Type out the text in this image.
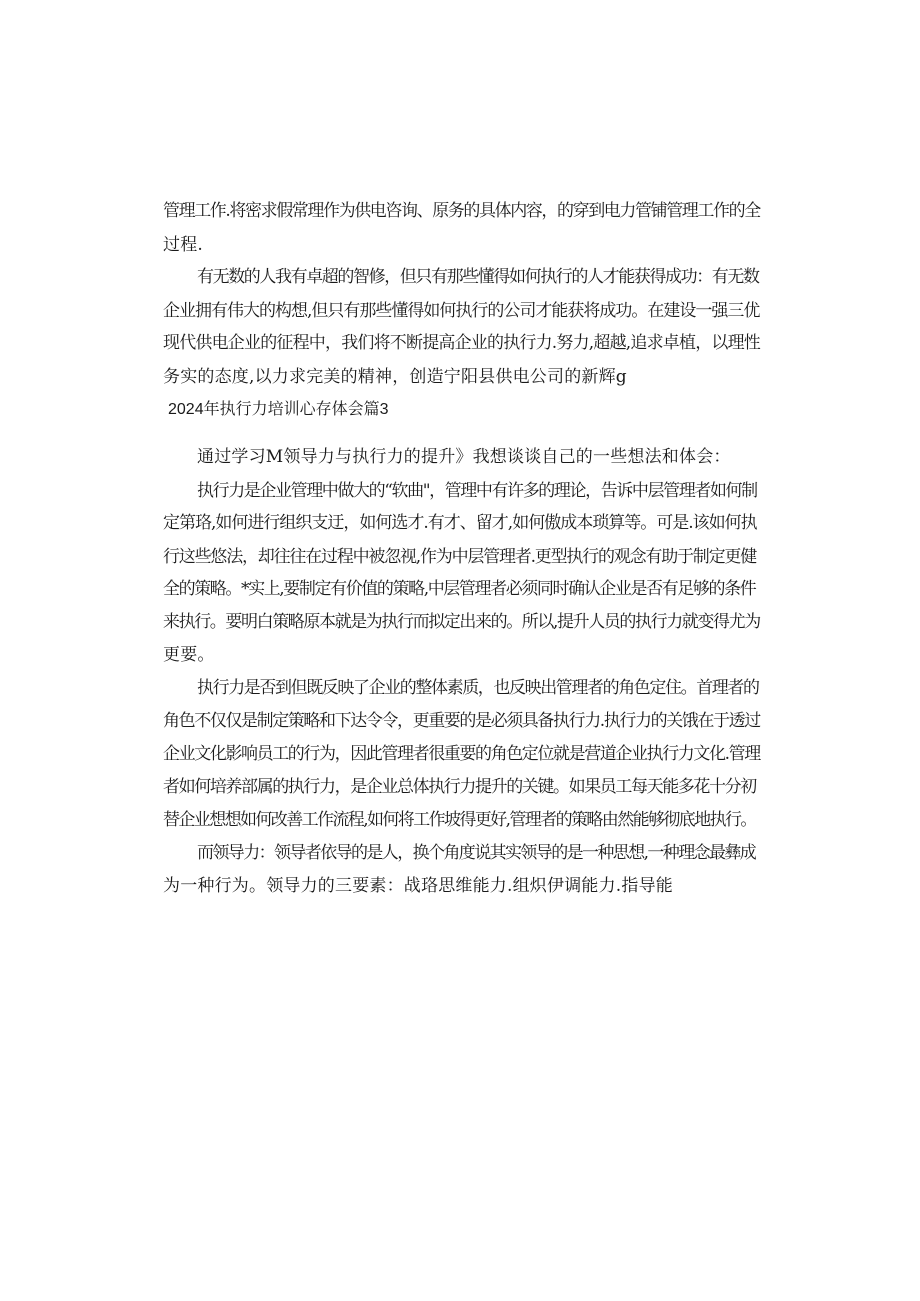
管理工作.将密求假常理作为供电咨询、原务的具体内容，的穿到电力管铺管理工作的全
过程.
有无数的人我有卓超的智修，但只有那些懂得如何执行的人才能获得成功：有无数
企业拥有伟大的构想,但只有那些懂得如何执行的公司才能获将成功。在建设一强三优
现代供电企业的征程中，我们将不断提高企业的执行力.努力,超越,追求卓植，以理性
务实的态度,以力求完美的精神，创造宁阳县供电公司的新辉g
2024年执行力培训心存体会篇3
通过学习M领导力与执行力的提升》我想谈谈自己的一些想法和体会：
执行力是企业管理中做大的“软曲"，管理中有许多的理论，告诉中层管理者如何制
定第珞,如何进行组织支迂，如何选才.有才、留才,如何傲成本琐算等。可是.该如何执
行这些悠法，却往往在过程中被忽视,作为中层管理者.更型执行的观念有助于制定更健
全的策略。*实上,要制定有价值的策略,中层管理者必须同时确认企业是否有足够的条件
来执行。要明白策略原本就是为执行而拟定出来的。所以,提升人员的执行力就变得尤为
更要。
执行力是否到但既反映了企业的整体素质，也反映出管理者的角色定住。首理者的
角色不仅仅是制定策略和下达令令，更重要的是必须具备执行力.执行力的关饿在于透过
企业文化影响员工的行为，因此管理者很重要的角色定位就是营道企业执行力文化.管理
者如何培养部属的执行力，是企业总体执行力提升的关键。如果员工每天能多花十分初
替企业想想如何改善工作流程,如何将工作坡得更好,管理者的策略由然能够彻底地执行。
而领导力：领导者依导的是人，换个角度说其实领导的是一种思想,一种理念最彝成
为一种行为。领导力的三要素：战珞思维能力.组炽伊调能力.指导能
